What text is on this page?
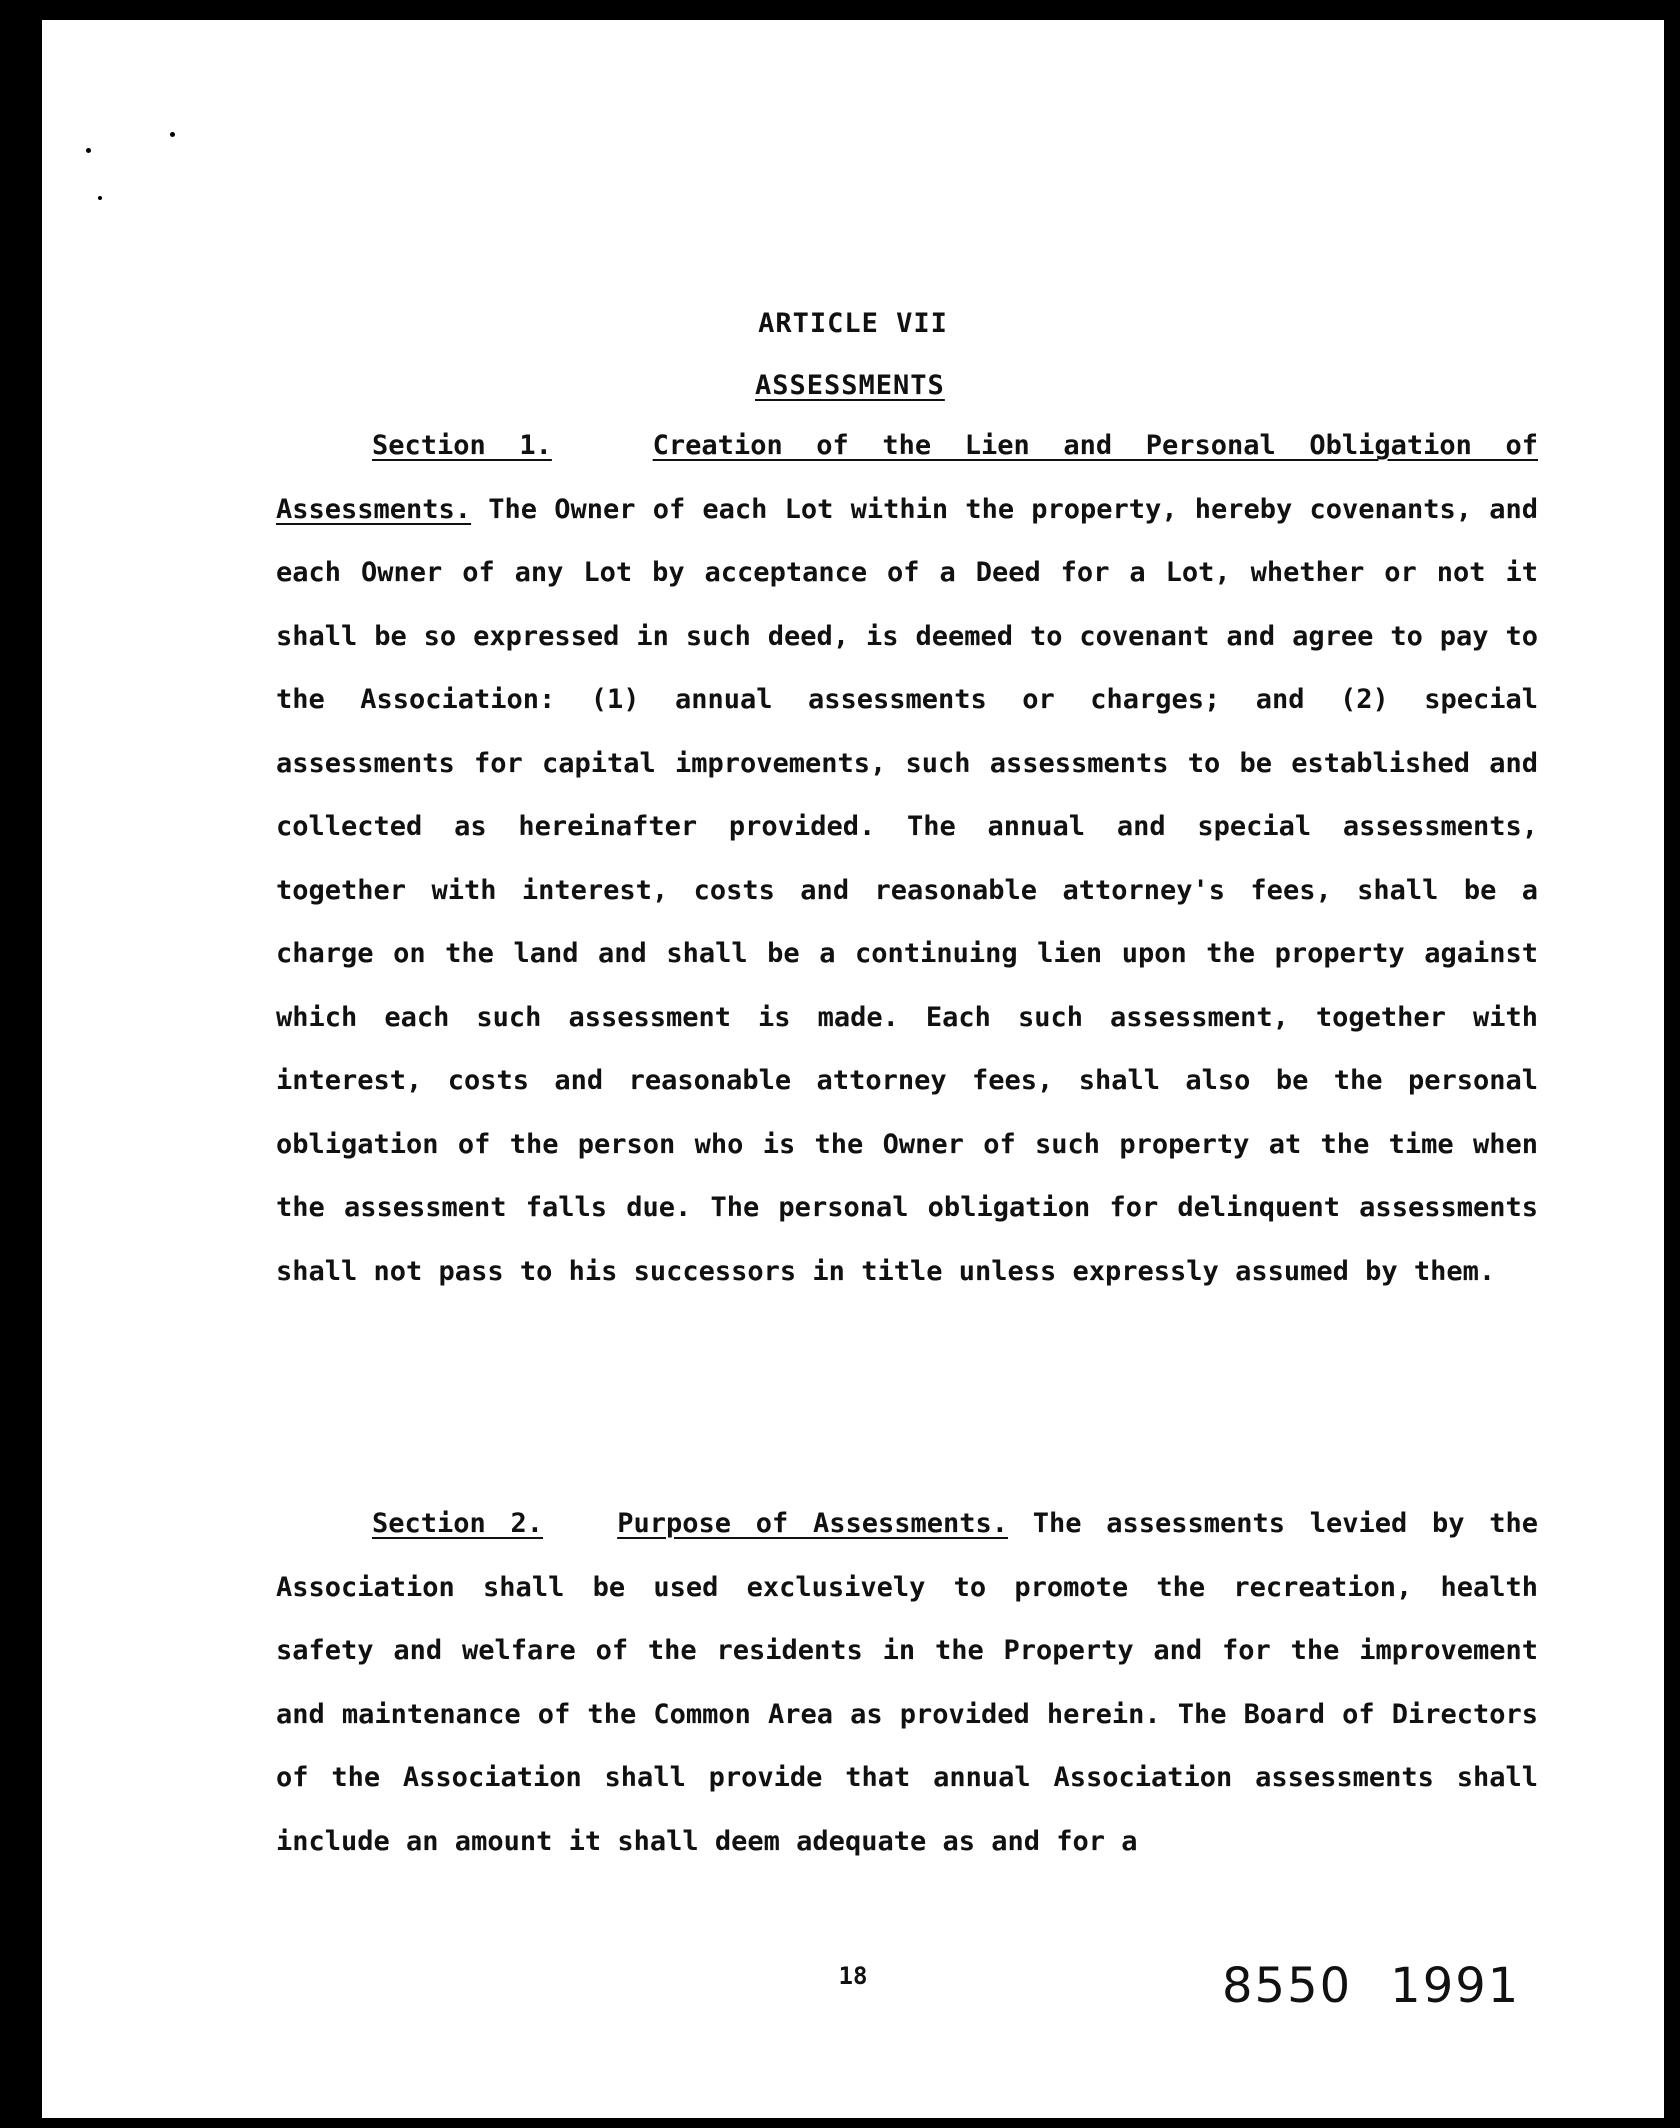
ARTICLE VII
ASSESSMENTS

Section 1.	Creation of the Lien and Personal Obligation of Assessments. The Owner of each Lot within the property, hereby covenants, and each Owner of any Lot by acceptance of a Deed for a Lot, whether or not it shall be so expressed in such deed, is deemed to covenant and agree to pay to the Association: (1) annual assessments or charges; and (2) special assessments for capital improvements, such assessments to be established and collected as hereinafter provided. The annual and special assessments, together with interest, costs and reasonable attorney's fees, shall be a charge on the land and shall be a continuing lien upon the property against which each such assessment is made. Each such assessment, together with interest, costs and reasonable attorney fees, shall also be the personal obligation of the person who is the Owner of such property at the time when the assessment falls due. The personal obligation for delinquent assessments shall not pass to his successors in title unless expressly assumed by them.

Section 2.	Purpose of Assessments. The assessments levied by the Association shall be used exclusively to promote the recreation, health safety and welfare of the residents in the Property and for the improvement and maintenance of the Common Area as provided herein. The Board of Directors of the Association shall provide that annual Association assessments shall include an amount it shall deem adequate as and for a

18	8550 1991
